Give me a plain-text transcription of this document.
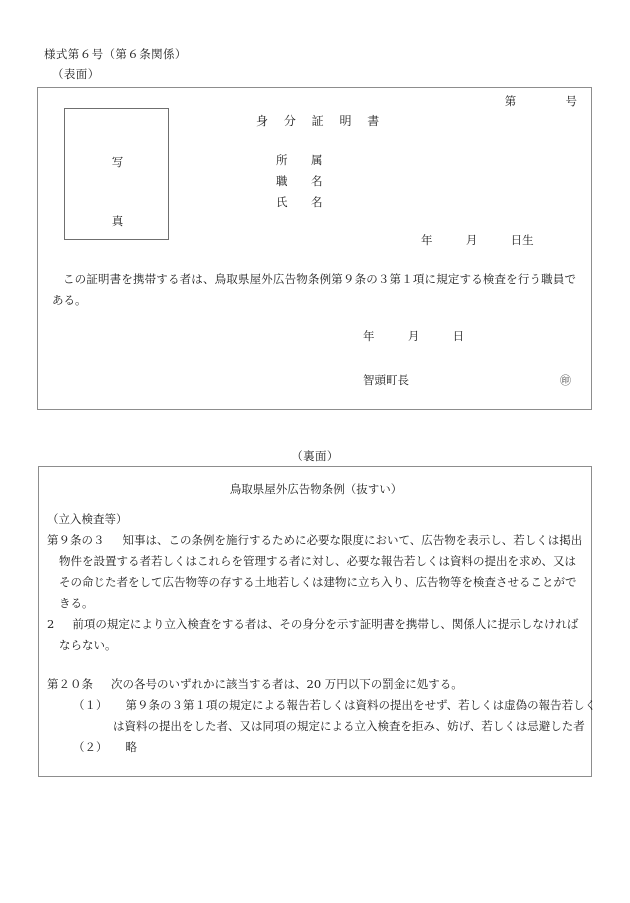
様式第６号（第６条関係）
（表面）
写
真
第	号
身 分 証 明 書
所　属
職　名
氏　名
年	月	日生
この証明書を携帯する者は、鳥取県屋外広告物条例第９条の３第１項に規定する検査を行う職員である。
年	月	日
智頭町長	㊞
（裏面）
鳥取県屋外広告物条例（抜すい）
（立入検査等）
第９条の３ 知事は、この条例を施行するために必要な限度において、広告物を表示し、若しくは掲出
物件を設置する者若しくはこれらを管理する者に対し、必要な報告若しくは資料の提出を求め、又は
その命じた者をして広告物等の存する土地若しくは建物に立ち入り、広告物等を検査させることがで
きる。
2 前項の規定により立入検査をする者は、その身分を示す証明書を携帯し、関係人に提示しなければ
ならない。
第２０条 次の各号のいずれかに該当する者は、20 万円以下の罰金に処する。
（１） 第９条の３第１項の規定による報告若しくは資料の提出をせず、若しくは虚偽の報告若しく
は資料の提出をした者、又は同項の規定による立入検査を拒み、妨げ、若しくは忌避した者
（２） 略
